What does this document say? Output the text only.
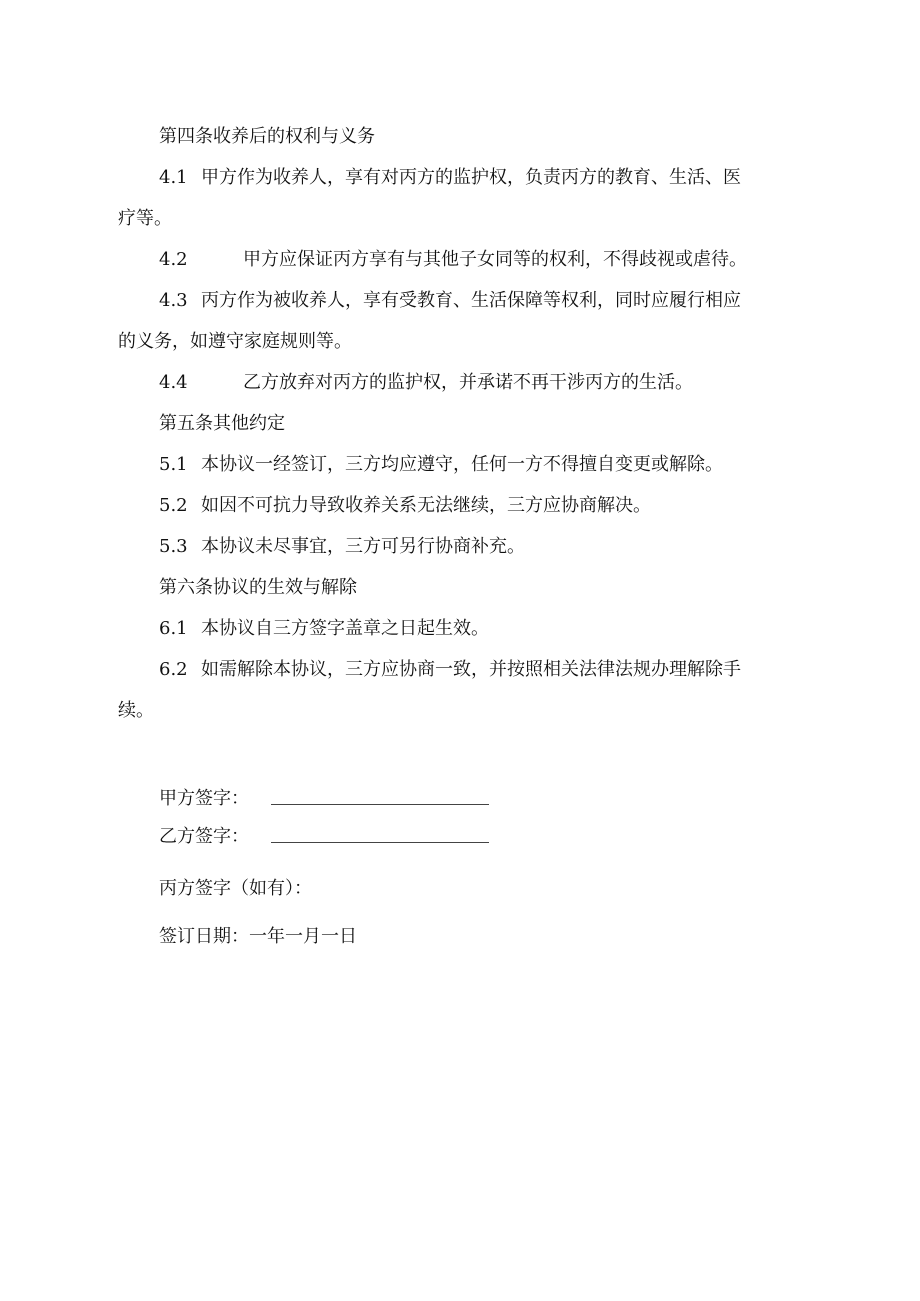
第四条收养后的权利与义务
4.1 甲方作为收养人，享有对丙方的监护权，负责丙方的教育、生活、医
疗等。
4.2	甲方应保证丙方享有与其他子女同等的权利，不得歧视或虐待。
4.3 丙方作为被收养人，享有受教育、生活保障等权利，同时应履行相应
的义务，如遵守家庭规则等。
4.4	乙方放弃对丙方的监护权，并承诺不再干涉丙方的生活。
第五条其他约定
5.1 本协议一经签订，三方均应遵守，任何一方不得擅自变更或解除。
5.2 如因不可抗力导致收养关系无法继续，三方应协商解决。
5.3 本协议未尽事宜，三方可另行协商补充。
第六条协议的生效与解除
6.1 本协议自三方签字盖章之日起生效。
6.2 如需解除本协议，三方应协商一致，并按照相关法律法规办理解除手
续。
甲方签字：
乙方签字：
丙方签字（如有）：
签订日期：一年一月一日
